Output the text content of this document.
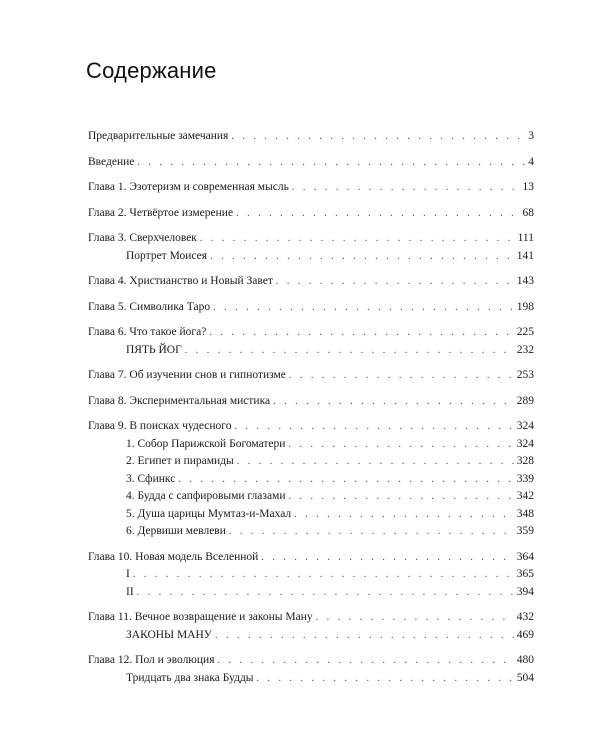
Содержание
Предварительные замечания . . .	3
Введение . . .	4
Глава 1. Эзотеризм и современная мысль . . .	13
Глава 2. Четвёртое измерение . . .	68
Глава 3. Сверхчеловек . . .	111
Портрет Моисея . . .	141
Глава 4. Христианство и Новый Завет . . .	143
Глава 5. Символика Таро . . .	198
Глава 6. Что такое йога? . . .	225
ПЯТЬ ЙОГ . . .	232
Глава 7. Об изучении снов и гипнотизме . . .	253
Глава 8. Экспериментальная мистика . . .	289
Глава 9. В поисках чудесного . . .	324
1. Собор Парижской Богоматери . . .	324
2. Египет и пирамиды . . .	328
3. Сфинкс . . .	339
4. Будда с сапфировыми глазами . . .	342
5. Душа царицы Мумтаз-и-Махал . . .	348
6. Дервиши мевлеви . . .	359
Глава 10. Новая модель Вселенной . . .	364
I . . .	365
II . . .	394
Глава 11. Вечное возвращение и законы Ману . . .	432
ЗАКОНЫ МАНУ . . .	469
Глава 12. Пол и эволюция . . .	480
Тридцать два знака Будды . . .	504
